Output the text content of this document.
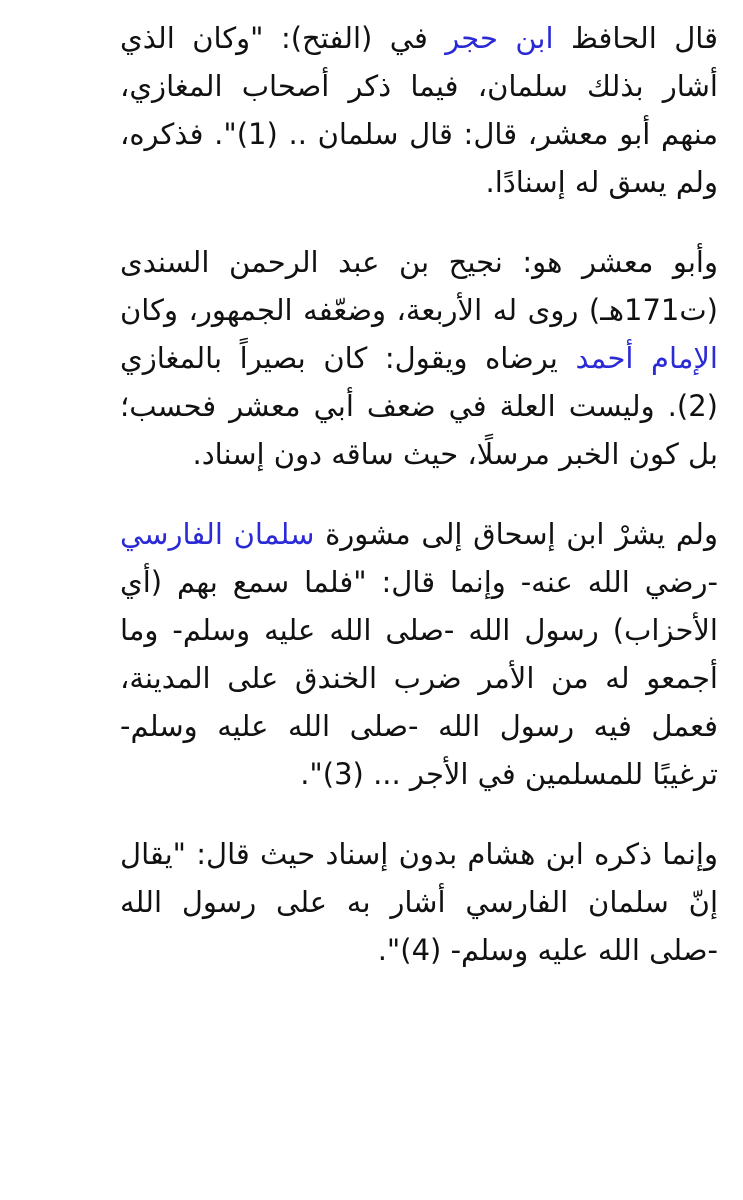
قال الحافظ ابن حجر في (الفتح): "وكان الذي أشار بذلك سلمان، فيما ذكر أصحاب المغازي، منهم أبو معشر، قال: قال سلمان .. (1)". فذكره، ولم يسق له إسنادًا.

وأبو معشر هو: نجيح بن عبد الرحمن السندى (ت171هـ) روى له الأربعة، وضعّفه الجمهور، وكان الإمام أحمد يرضاه ويقول: كان بصيراً بالمغازي (2). وليست العلة في ضعف أبي معشر فحسب؛ بل كون الخبر مرسلًا، حيث ساقه دون إسناد.

ولم يشرْ ابن إسحاق إلى مشورة سلمان الفارسي -رضي الله عنه- وإنما قال: "فلما سمع بهم (أي الأحزاب) رسول الله -صلى الله عليه وسلم- وما أجمعو له من الأمر ضرب الخندق على المدينة، فعمل فيه رسول الله -صلى الله عليه وسلم- ترغيبًا للمسلمين في الأجر ... (3)".

وإنما ذكره ابن هشام بدون إسناد حيث قال: "يقال إنّ سلمان الفارسي أشار به على رسول الله -صلى الله عليه وسلم- (4)".
